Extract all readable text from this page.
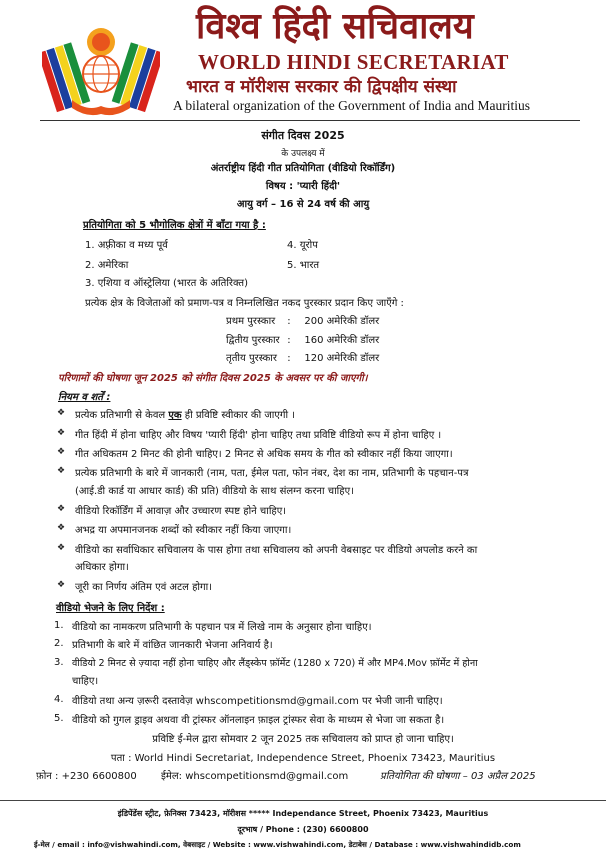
विश्व हिंदी सचिवालय
WORLD HINDI SECRETARIAT
भारत व मॉरीशस सरकार की द्विपक्षीय संस्था
A bilateral organization of the Government of India and Mauritius
संगीत दिवस 2025
के उपलक्ष्य में
अंतर्राष्ट्रीय हिंदी गीत प्रतियोगिता (वीडियो रिकॉर्डिंग)
विषय : 'प्यारी हिंदी'
आयु वर्ग – 16 से 24 वर्ष की आयु
प्रतियोगिता को 5 भौगोलिक क्षेत्रों में बाँटा गया है :
1. अफ़्रीका व मध्य पूर्व	4. यूरोप
2. अमेरिका	5. भारत
3. एशिया व ऑस्ट्रेलिया (भारत के अतिरिक्त)
प्रत्येक क्षेत्र के विजेताओं को प्रमाण-पत्र व निम्नलिखित नकद पुरस्कार प्रदान किए जाएँगे :
प्रथम पुरस्कार : 200 अमेरिकी डॉलर
द्वितीय पुरस्कार : 160 अमेरिकी डॉलर
तृतीय पुरस्कार : 120 अमेरिकी डॉलर
परिणामों की घोषणा जून 2025 को संगीत दिवस 2025 के अवसर पर की जाएगी।
नियम व शर्तें :
❖ प्रत्येक प्रतिभागी से केवल एक ही प्रविष्टि स्वीकार की जाएगी ।
❖ गीत हिंदी में होना चाहिए और विषय 'प्यारी हिंदी' होना चाहिए तथा प्रविष्टि वीडियो रूप में होना चाहिए ।
❖ गीत अधिकतम 2 मिनट की होनी चाहिए। 2 मिनट से अधिक समय के गीत को स्वीकार नहीं किया जाएगा।
❖ प्रत्येक प्रतिभागी के बारे में जानकारी (नाम, पता, ईमेल पता, फोन नंबर, देश का नाम, प्रतिभागी के पहचान-पत्र
(आई.डी कार्ड या आधार कार्ड) की प्रति) वीडियो के साथ संलग्न करना चाहिए।
❖ वीडियो रिकॉर्डिंग में आवाज़ और उच्चारण स्पष्ट होने चाहिए।
❖ अभद्र या अपमानजनक शब्दों को स्वीकार नहीं किया जाएगा।
❖ वीडियो का सर्वाधिकार सचिवालय के पास होगा तथा सचिवालय को अपनी वेबसाइट पर वीडियो अपलोड करने का
अधिकार होगा।
❖ जूरी का निर्णय अंतिम एवं अटल होगा।
वीडियो भेजने के लिए निर्देश :
1. वीडियो का नामकरण प्रतिभागी के पहचान पत्र में लिखे नाम के अनुसार होना चाहिए।
2. प्रतिभागी के बारे में वांछित जानकारी भेजना अनिवार्य है।
3. वीडियो 2 मिनट से ज़्यादा नहीं होना चाहिए और लैंड्स्केप फ़ॉर्मेट (1280 x 720) में और MP4.Mov फ़ॉर्मेट में होना
चाहिए।
4. वीडियो तथा अन्य ज़रूरी दस्तावेज़ whscompetitionsmd@gmail.com पर भेजी जानी चाहिए।
5. वीडियो को गुगल ड्राइव अथवा वी ट्रांस्फर ऑनलाइन फ़ाइल ट्रांस्फर सेवा के माध्यम से भेजा जा सकता है।
प्रविष्टि ई-मेल द्वारा सोमवार 2 जून 2025 तक सचिवालय को प्राप्त हो जाना चाहिए।
पता : World Hindi Secretariat, Independence Street, Phoenix 73423, Mauritius
फ़ोन : +230 6600800 ईमेल: whscompetitionsmd@gmail.com	प्रतियोगिता की घोषणा – 03 अप्रैल 2025
इंडिपेंडेंस स्ट्रीट, फ़ेनिक्स 73423, मॉरीशस ***** Independance Street, Phoenix 73423, Mauritius
दूरभाष / Phone : (230) 6600800
ई-मेल / email : info@vishwahindi.com, वेबसाइट / Website : www.vishwahindi.com, डेटाबेस / Database : www.vishwahindidb.com
